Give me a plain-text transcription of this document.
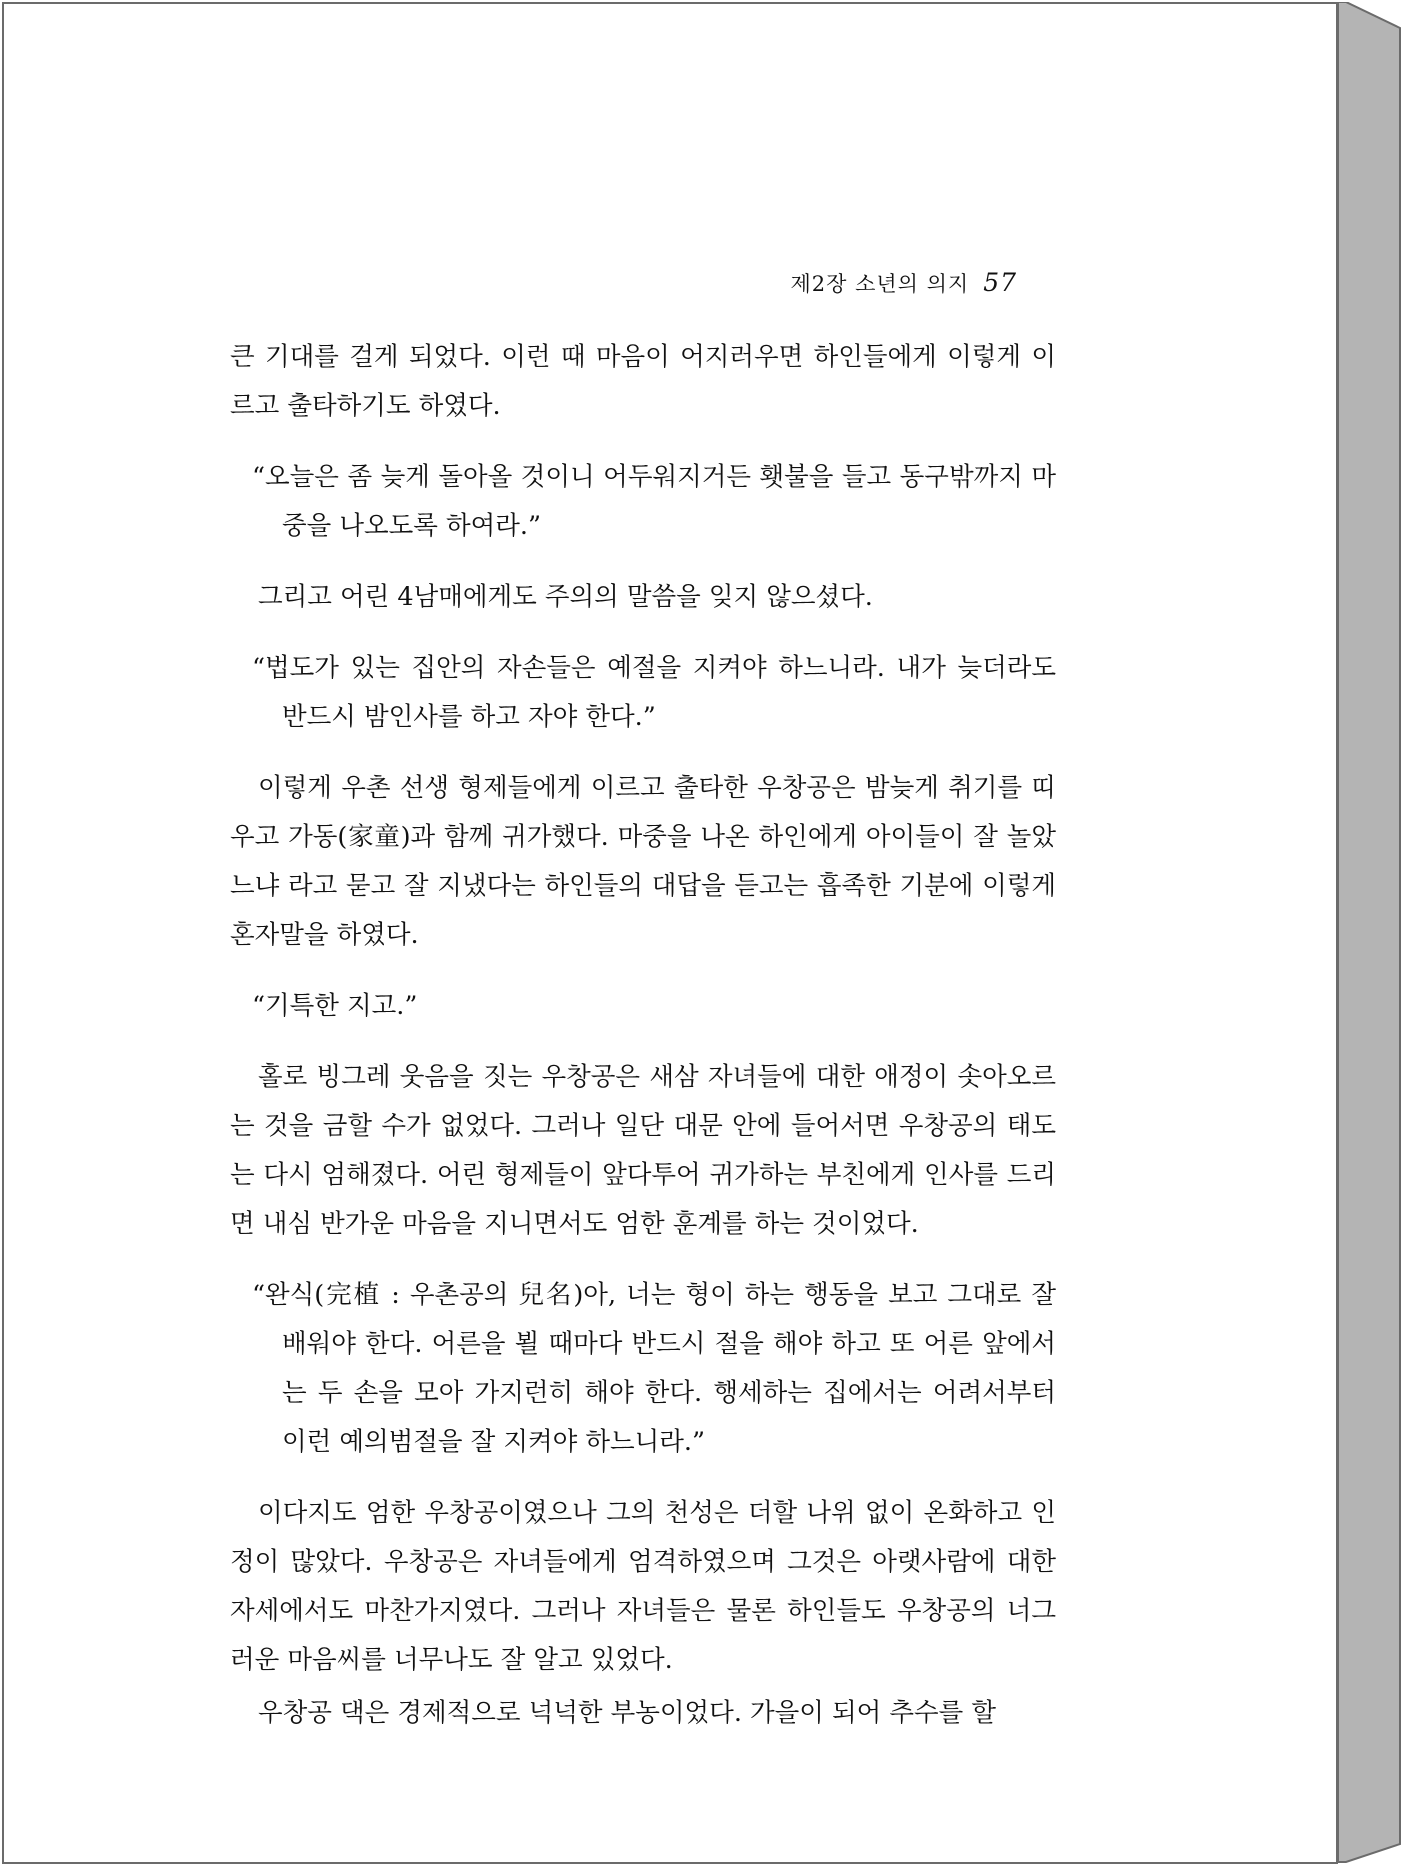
제2장 소년의 의지 57

큰 기대를 걸게 되었다. 이런 때 마음이 어지러우면 하인들에게 이렇게 이르고 출타하기도 하였다.

“오늘은 좀 늦게 돌아올 것이니 어두워지거든 횃불을 들고 동구밖까지 마중을 나오도록 하여라.”

그리고 어린 4남매에게도 주의의 말씀을 잊지 않으셨다.

“법도가 있는 집안의 자손들은 예절을 지켜야 하느니라. 내가 늦더라도 반드시 밤인사를 하고 자야 한다.”

이렇게 우촌 선생 형제들에게 이르고 출타한 우창공은 밤늦게 취기를 띠우고 가동(家童)과 함께 귀가했다. 마중을 나온 하인에게 아이들이 잘 놀았느냐 라고 묻고 잘 지냈다는 하인들의 대답을 듣고는 흡족한 기분에 이렇게 혼자말을 하였다.

“기특한 지고.”

홀로 빙그레 웃음을 짓는 우창공은 새삼 자녀들에 대한 애정이 솟아오르는 것을 금할 수가 없었다. 그러나 일단 대문 안에 들어서면 우창공의 태도는 다시 엄해졌다. 어린 형제들이 앞다투어 귀가하는 부친에게 인사를 드리면 내심 반가운 마음을 지니면서도 엄한 훈계를 하는 것이었다.

“완식(完植 : 우촌공의 兒名)아, 너는 형이 하는 행동을 보고 그대로 잘 배워야 한다. 어른을 뵐 때마다 반드시 절을 해야 하고 또 어른 앞에서는 두 손을 모아 가지런히 해야 한다. 행세하는 집에서는 어려서부터 이런 예의범절을 잘 지켜야 하느니라.”

이다지도 엄한 우창공이였으나 그의 천성은 더할 나위 없이 온화하고 인정이 많았다. 우창공은 자녀들에게 엄격하였으며 그것은 아랫사람에 대한 자세에서도 마찬가지였다. 그러나 자녀들은 물론 하인들도 우창공의 너그러운 마음씨를 너무나도 잘 알고 있었다.

우창공 댁은 경제적으로 넉넉한 부농이었다. 가을이 되어 추수를 할
